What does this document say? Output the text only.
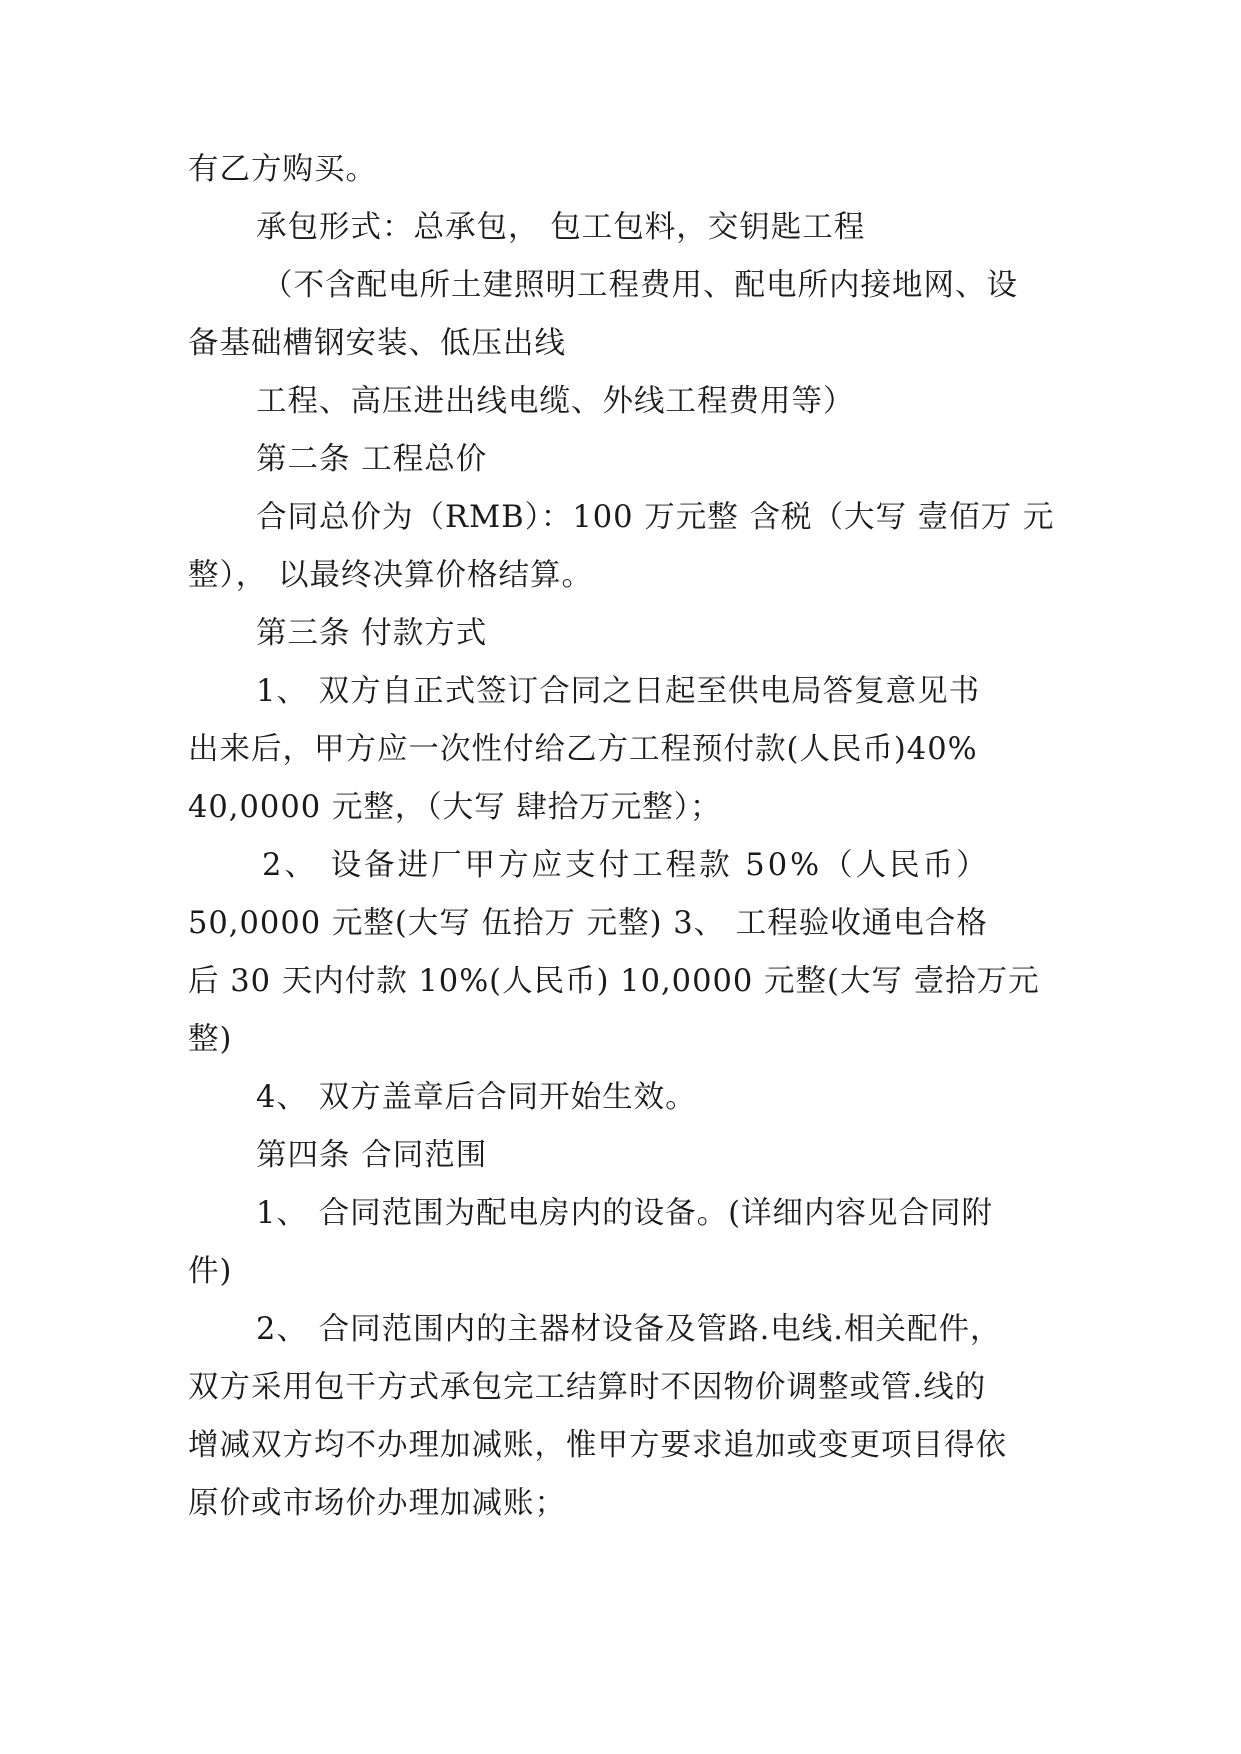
有乙方购买。
承包形式：总承包， 包工包料，交钥匙工程
（不含配电所土建照明工程费用、配电所内接地网、设
备基础槽钢安装、低压出线
工程、高压进出线电缆、外线工程费用等）
第二条 工程总价
合同总价为（RMB）：100 万元整 含税（大写 壹佰万 元
整）， 以最终决算价格结算。
第三条 付款方式
1、 双方自正式签订合同之日起至供电局答复意见书
出来后，甲方应一次性付给乙方工程预付款(人民币)40%
40,0000 元整，（大写 肆拾万元整）；
2、 设备进厂甲方应支付工程款 50%（人民币）
50,0000 元整(大写 伍拾万 元整) 3、 工程验收通电合格
后 30 天内付款 10%(人民币) 10,0000 元整(大写 壹拾万元
整)
4、 双方盖章后合同开始生效。
第四条 合同范围
1、 合同范围为配电房内的设备。(详细内容见合同附
件)
2、 合同范围内的主器材设备及管路.电线.相关配件，
双方采用包干方式承包完工结算时不因物价调整或管.线的
增减双方均不办理加减账，惟甲方要求追加或变更项目得依
原价或市场价办理加减账；
